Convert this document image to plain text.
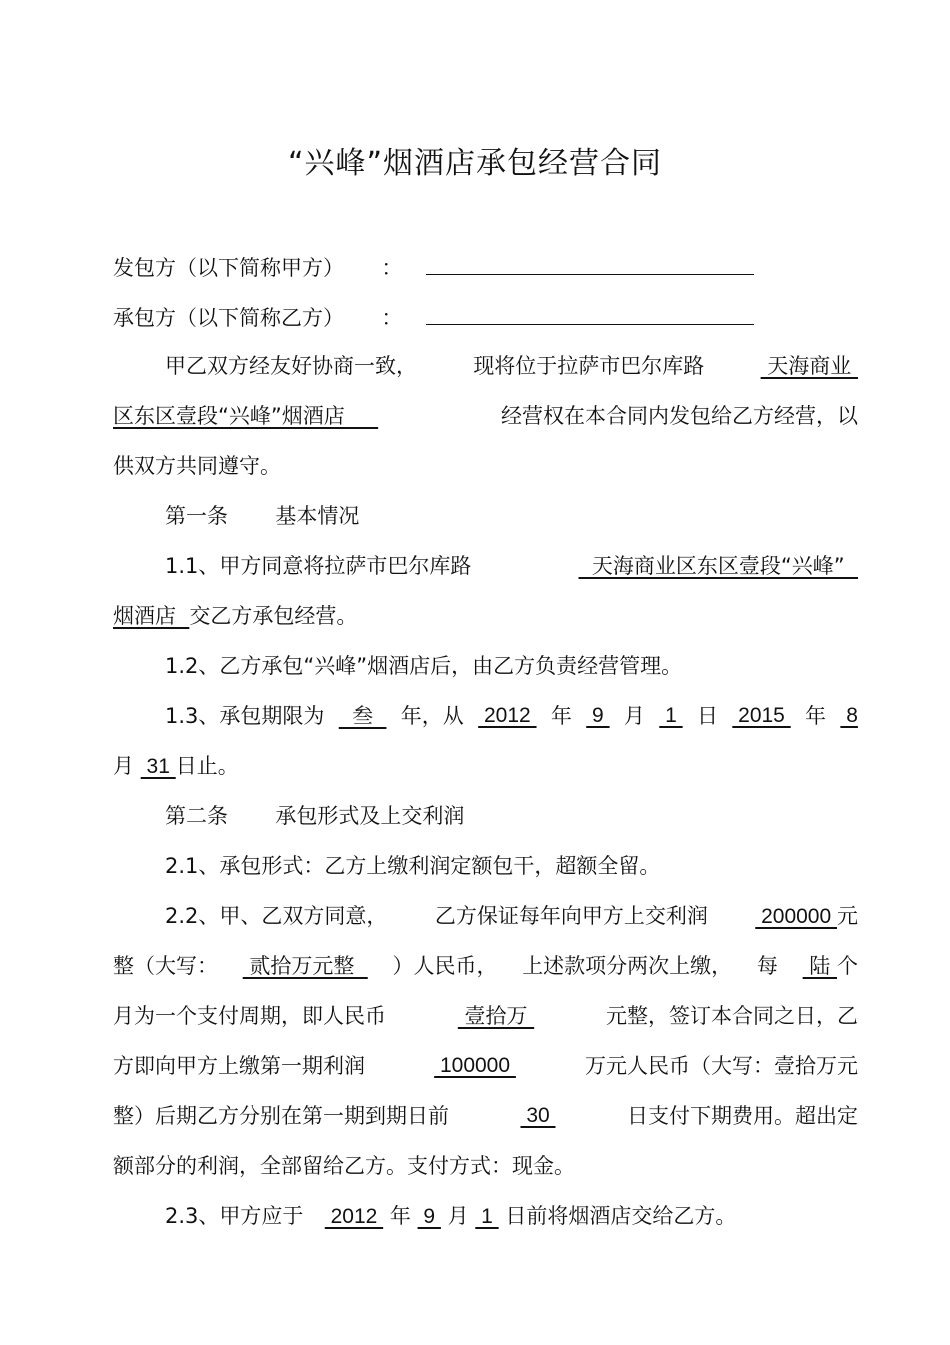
“兴峰”烟酒店承包经营合同
发包方（以下简称甲方） ：
承包方（以下简称乙方） ：
甲乙双方经友好协商一致，	现将位于拉萨市巴尔库路	天海商业
区东区壹段“兴峰”烟酒店	经营权在本合同内发包给乙方经营，以
供双方共同遵守。
第一条 基本情况
1.1、甲方同意将拉萨市巴尔库路	天海商业区东区壹段“兴峰”
烟酒店  交乙方承包经营。
1.2、乙方承包“兴峰”烟酒店后，由乙方负责经营管理。
1.3、承包期限为 叁 年，从 2012 年 9 月 1 日 2015 年 8
月  31 日止。
第二条 承包形式及上交利润
2.1、承包形式：乙方上缴利润定额包干，超额全留。
2.2、甲、乙双方同意， 乙方保证每年向甲方上交利润 200000 元
整（大写： 贰拾万元整 ）人民币， 上述款项分两次上缴， 每 陆 个
月为一个支付周期，即人民币	壹拾万	元整，签订本合同之日，乙
方即向甲方上缴第一期利润	100000	万元人民币（大写：壹拾万元
整）后期乙方分别在第一期到期日前	30	日支付下期费用。超出定
额部分的利润，全部留给乙方。支付方式：现金。
2.3、甲方应于   2012  年  9  月  1  日前将烟酒店交给乙方。
